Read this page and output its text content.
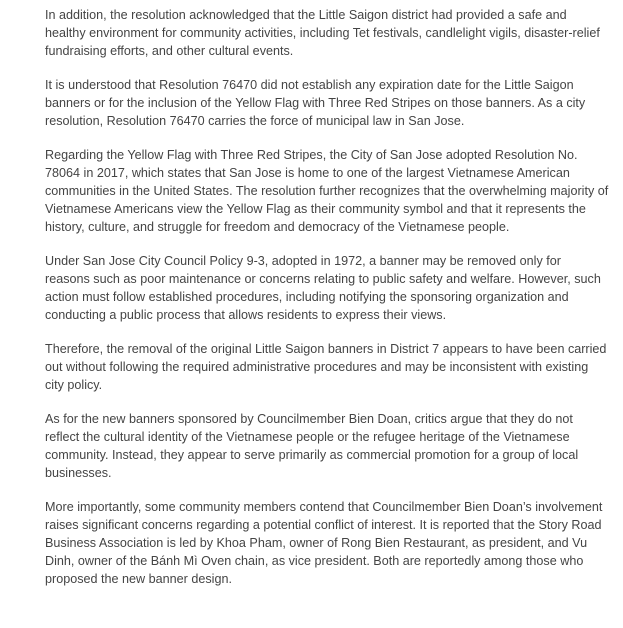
In addition, the resolution acknowledged that the Little Saigon district had provided a safe and healthy environment for community activities, including Tet festivals, candlelight vigils, disaster-relief fundraising efforts, and other cultural events.

It is understood that Resolution 76470 did not establish any expiration date for the Little Saigon banners or for the inclusion of the Yellow Flag with Three Red Stripes on those banners. As a city resolution, Resolution 76470 carries the force of municipal law in San Jose.

Regarding the Yellow Flag with Three Red Stripes, the City of San Jose adopted Resolution No. 78064 in 2017, which states that San Jose is home to one of the largest Vietnamese American communities in the United States. The resolution further recognizes that the overwhelming majority of Vietnamese Americans view the Yellow Flag as their community symbol and that it represents the history, culture, and struggle for freedom and democracy of the Vietnamese people.

Under San Jose City Council Policy 9-3, adopted in 1972, a banner may be removed only for reasons such as poor maintenance or concerns relating to public safety and welfare. However, such action must follow established procedures, including notifying the sponsoring organization and conducting a public process that allows residents to express their views.

Therefore, the removal of the original Little Saigon banners in District 7 appears to have been carried out without following the required administrative procedures and may be inconsistent with existing city policy.

As for the new banners sponsored by Councilmember Bien Doan, critics argue that they do not reflect the cultural identity of the Vietnamese people or the refugee heritage of the Vietnamese community. Instead, they appear to serve primarily as commercial promotion for a group of local businesses.

More importantly, some community members contend that Councilmember Bien Doan’s involvement raises significant concerns regarding a potential conflict of interest. It is reported that the Story Road Business Association is led by Khoa Pham, owner of Rong Bien Restaurant, as president, and Vu Dinh, owner of the Bánh Mì Oven chain, as vice president. Both are reportedly among those who proposed the new banner design.
